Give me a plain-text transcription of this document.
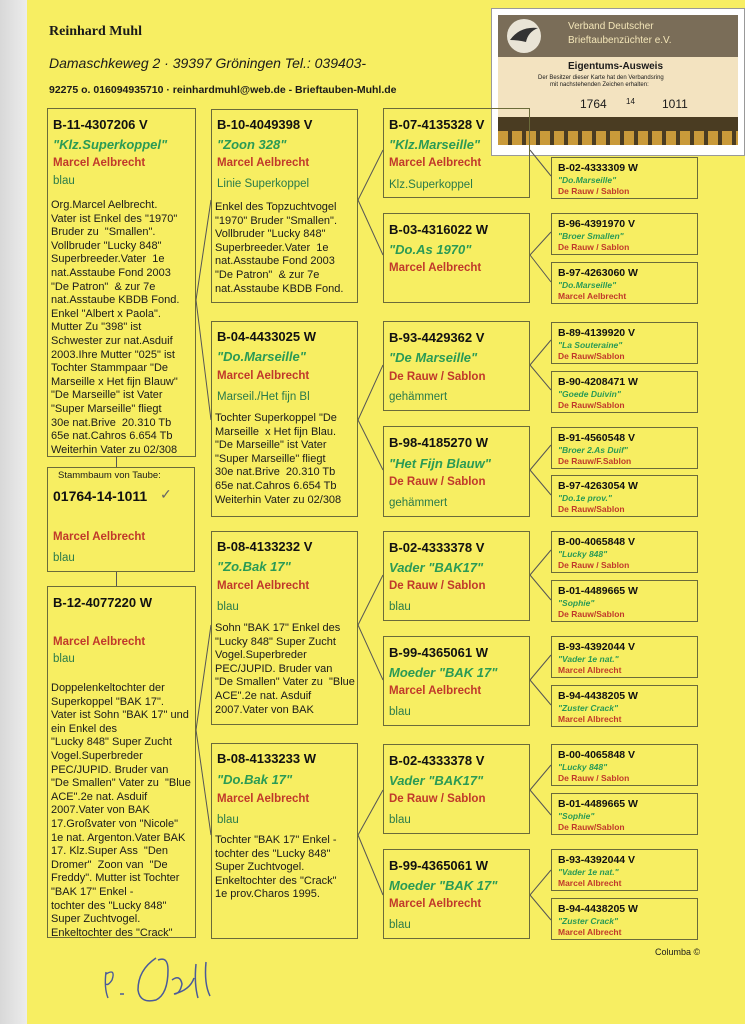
Reinhard Muhl
Damaschkeweg 2 · 39397 Gröningen Tel.: 039403-
92275 o. 016094935710 · reinhardmuhl@web.de - Brieftauben-Muhl.de
Verband Deutscher
Brieftaubenzüchter e.V.
Eigentums-Ausweis
Der Besitzer dieser Karte hat den Verbandsring
mit nachstehenden Zeichen erhalten:
1764 14 1011
B-11-4307206 V
"Klz.Superkoppel"
Marcel Aelbrecht
blau
Org.Marcel Aelbrecht.
Vater ist Enkel des "1970"
Bruder zu  "Smallen".
Vollbruder "Lucky 848"
Superbreeder.Vater  1e
nat.Asstaube Fond 2003
"De Patron"  & zur 7e
nat.Asstaube KBDB Fond.
Enkel "Albert x Paola".
Mutter Zu "398" ist
Schwester zur nat.Asduif
2003.Ihre Mutter "025" ist
Tochter Stammpaar "De
Marseille x Het fijn Blauw"
"De Marseille" ist Vater
"Super Marseille" fliegt
30e nat.Brive  20.310 Tb
65e nat.Cahros 6.654 Tb
Weiterhin Vater zu 02/308
Stammbaum von Taube:
01764-14-1011 ✓
Marcel Aelbrecht
blau
B-12-4077220 W
Marcel Aelbrecht
blau
Doppelenkeltochter der
Superkoppel "BAK 17".
Vater ist Sohn "BAK 17" und
ein Enkel des
"Lucky 848" Super Zucht
Vogel.Superbreder
PEC/JUPID. Bruder van
"De Smallen" Vater zu  "Blue
ACE".2e nat. Asduif
2007.Vater von BAK
17.Großvater von "Nicole"
1e nat. Argenton.Vater BAK
17. Klz.Super Ass  "Den
Dromer"  Zoon van  "De
Freddy". Mutter ist Tochter
"BAK 17" Enkel -
tochter des "Lucky 848"
Super Zuchtvogel.
Enkeltochter des "Crack"
B-10-4049398 V
"Zoon 328"
Marcel Aelbrecht
Linie Superkoppel
Enkel des Topzuchtvogel
"1970" Bruder "Smallen".
Vollbruder "Lucky 848"
Superbreeder.Vater  1e
nat.Asstaube Fond 2003
"De Patron"  & zur 7e
nat.Asstaube KBDB Fond.
B-04-4433025 W
"Do.Marseille"
Marcel Aelbrecht
Marseil./Het fijn Bl
Tochter Superkoppel "De
Marseille  x Het fijn Blau.
"De Marseille" ist Vater
"Super Marseille" fliegt
30e nat.Brive  20.310 Tb
65e nat.Cahros 6.654 Tb
Weiterhin Vater zu 02/308
B-08-4133232 V
"Zo.Bak 17"
Marcel Aelbrecht
blau
Sohn "BAK 17" Enkel des
"Lucky 848" Super Zucht
Vogel.Superbreder
PEC/JUPID. Bruder van
"De Smallen" Vater zu  "Blue
ACE".2e nat. Asduif
2007.Vater von BAK
B-08-4133233 W
"Do.Bak 17"
Marcel Aelbrecht
blau
Tochter "BAK 17" Enkel -
tochter des "Lucky 848"
Super Zuchtvogel.
Enkeltochter des "Crack"
1e prov.Charos 1995.
B-07-4135328 V
"Klz.Marseille"
Marcel Aelbrecht
Klz.Superkoppel
B-03-4316022 W
"Do.As 1970"
Marcel Aelbrecht
B-93-4429362 V
"De Marseille"
De Rauw / Sablon
gehämmert
B-98-4185270 W
"Het Fijn Blauw"
De Rauw / Sablon
gehämmert
B-02-4333378 V
Vader "BAK17"
De Rauw / Sablon
blau
B-99-4365061 W
Moeder "BAK 17"
Marcel Aelbrecht
blau
B-02-4333378 V
Vader "BAK17"
De Rauw / Sablon
blau
B-99-4365061 W
Moeder "BAK 17"
Marcel Aelbrecht
blau
B-02-4333309 W
"Do.Marseille"
De Rauw / Sablon
B-96-4391970 V
"Broer Smallen"
De Rauw / Sablon
B-97-4263060 W
"Do.Marseille"
Marcel Aelbrecht
B-89-4139920 V
"La Souteraine"
De Rauw/Sablon
B-90-4208471 W
"Goede Duivin"
De Rauw/Sablon
B-91-4560548 V
"Broer 2.As Duif"
De Rauw/F.Sablon
B-97-4263054 W
"Do.1e prov."
De Rauw/Sablon
B-00-4065848 V
"Lucky 848"
De Rauw / Sablon
B-01-4489665 W
"Sophie"
De Rauw/Sablon
B-93-4392044 V
"Vader 1e nat."
Marcel Albrecht
B-94-4438205 W
"Zuster Crack"
Marcel Albrecht
B-00-4065848 V
"Lucky 848"
De Rauw / Sablon
B-01-4489665 W
"Sophie"
De Rauw/Sablon
B-93-4392044 V
"Vader 1e nat."
Marcel Albrecht
B-94-4438205 W
"Zuster Crack"
Marcel Albrecht
Columba ©
